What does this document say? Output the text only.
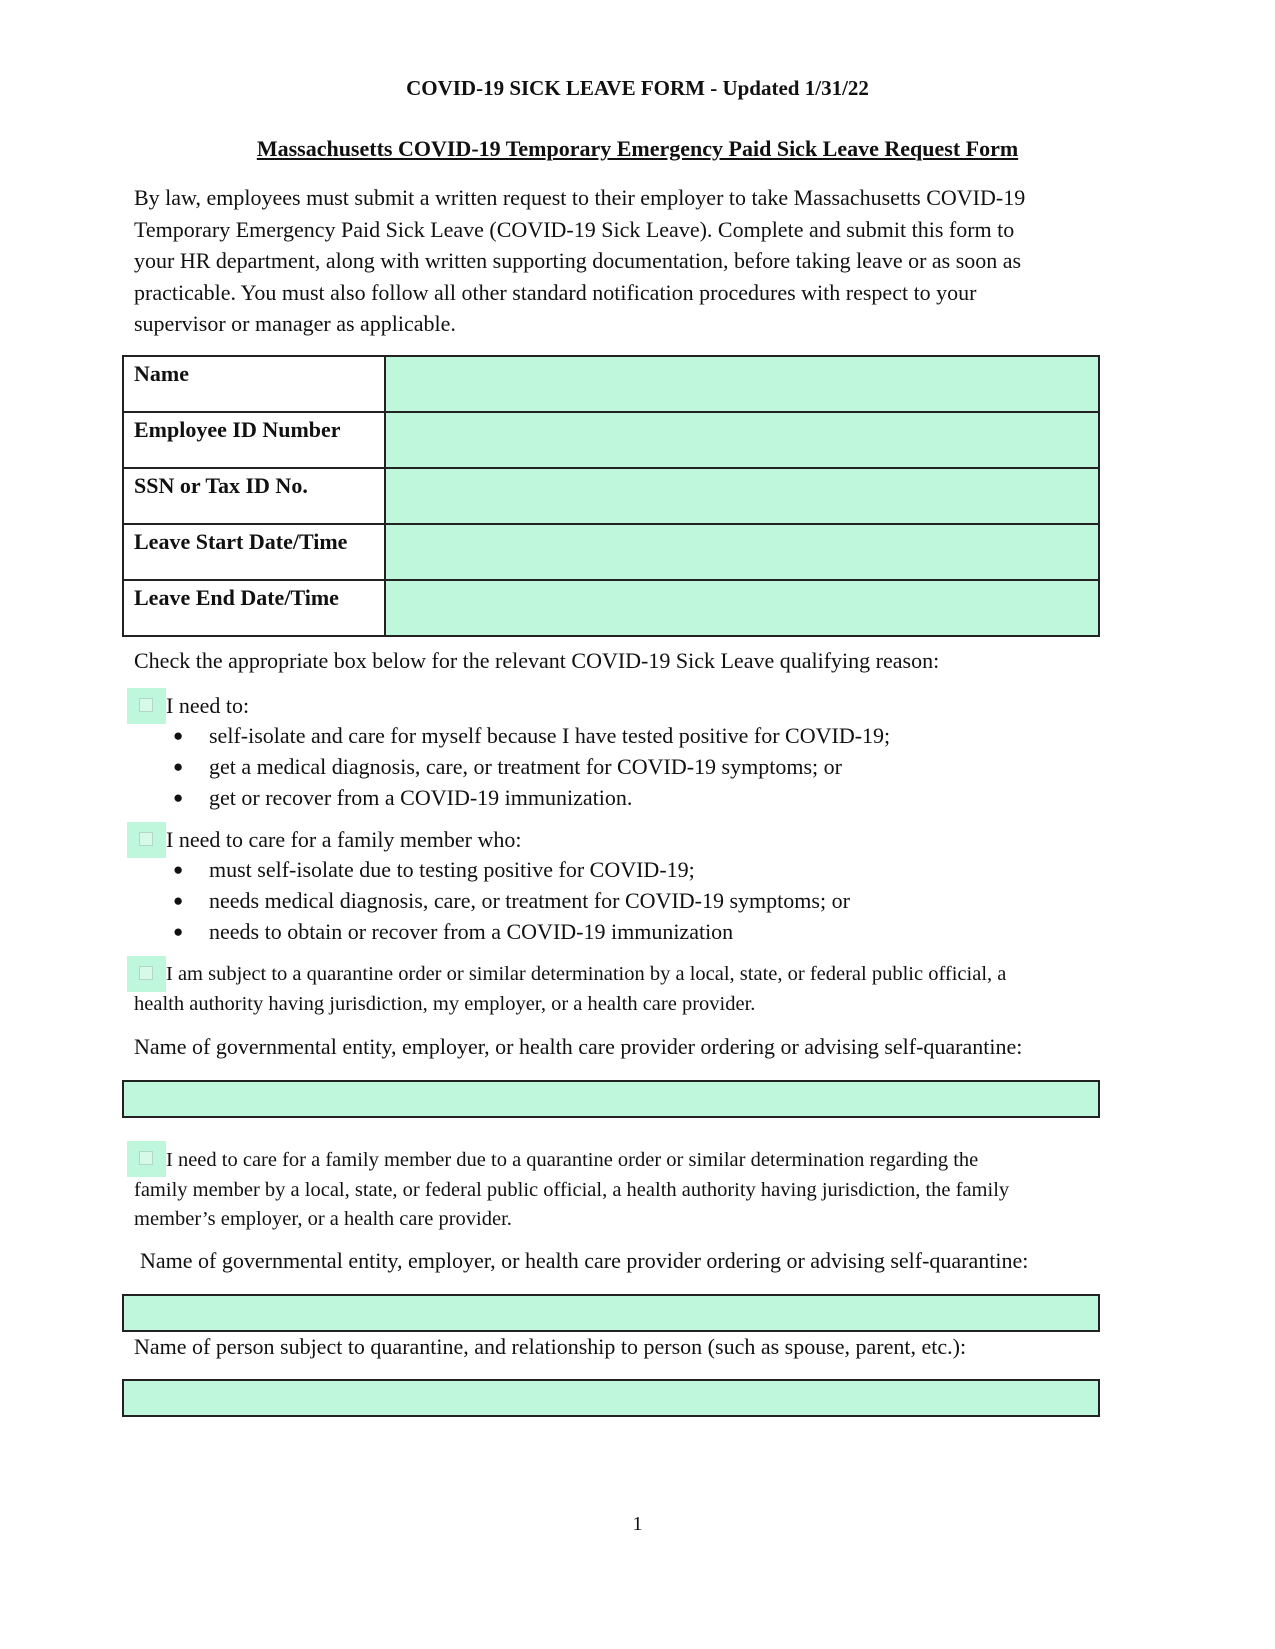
COVID-19 SICK LEAVE FORM - Updated 1/31/22
Massachusetts COVID-19 Temporary Emergency Paid Sick Leave Request Form

By law, employees must submit a written request to their employer to take Massachusetts COVID-19
Temporary Emergency Paid Sick Leave (COVID-19 Sick Leave). Complete and submit this form to
your HR department, along with written supporting documentation, before taking leave or as soon as
practicable. You must also follow all other standard notification procedures with respect to your
supervisor or manager as applicable.

Name	
Employee ID Number	
SSN or Tax ID No.	
Leave Start Date/Time	
Leave End Date/Time	

Check the appropriate box below for the relevant COVID-19 Sick Leave qualifying reason:

I need to:

● self-isolate and care for myself because I have tested positive for COVID-19;
● get a medical diagnosis, care, or treatment for COVID-19 symptoms; or
● get or recover from a COVID-19 immunization.

I need to care for a family member who:

● must self-isolate due to testing positive for COVID-19;
● needs medical diagnosis, care, or treatment for COVID-19 symptoms; or
● needs to obtain or recover from a COVID-19 immunization

I am subject to a quarantine order or similar determination by a local, state, or federal public official, a
health authority having jurisdiction, my employer, or a health care provider.

Name of governmental entity, employer, or health care provider ordering or advising self-quarantine:

I need to care for a family member due to a quarantine order or similar determination regarding the
family member by a local, state, or federal public official, a health authority having jurisdiction, the family
member’s employer, or a health care provider.

Name of governmental entity, employer, or health care provider ordering or advising self-quarantine:

Name of person subject to quarantine, and relationship to person (such as spouse, parent, etc.):

1
